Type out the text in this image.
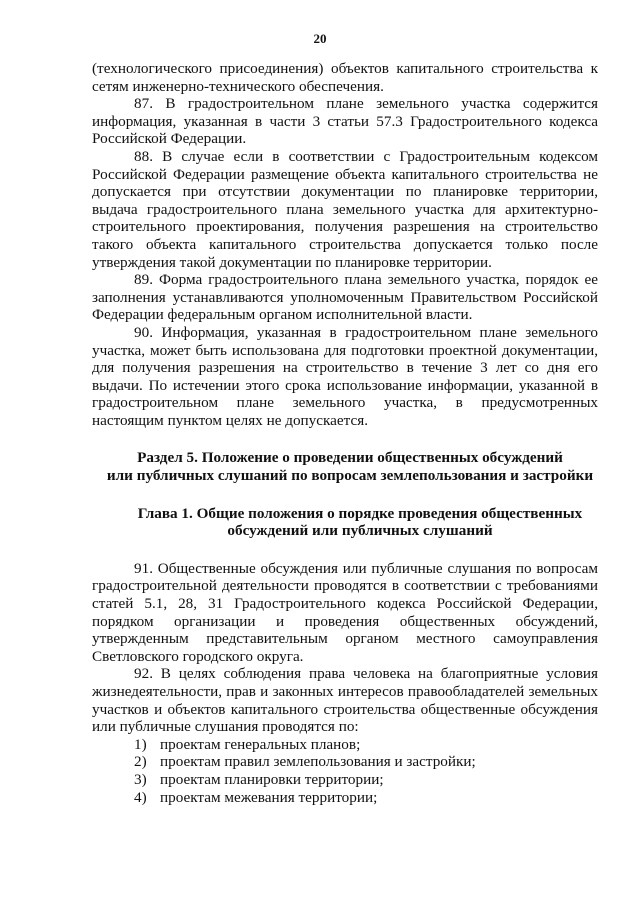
20

(технологического присоединения) объектов капитального строительства к сетям инженерно-технического обеспечения.

87. В градостроительном плане земельного участка содержится информация, указанная в части 3 статьи 57.3 Градостроительного кодекса Российской Федерации.

88. В случае если в соответствии с Градостроительным кодексом Российской Федерации размещение объекта капитального строительства не допускается при отсутствии документации по планировке территории, выдача градостроительного плана земельного участка для архитектурно-строительного проектирования, получения разрешения на строительство такого объекта капитального строительства допускается только после утверждения такой документации по планировке территории.

89. Форма градостроительного плана земельного участка, порядок ее заполнения устанавливаются уполномоченным Правительством Российской Федерации федеральным органом исполнительной власти.

90. Информация, указанная в градостроительном плане земельного участка, может быть использована для подготовки проектной документации, для получения разрешения на строительство в течение 3 лет со дня его выдачи. По истечении этого срока использование информации, указанной в градостроительном плане земельного участка, в предусмотренных настоящим пунктом целях не допускается.

Раздел 5. Положение о проведении общественных обсуждений
или публичных слушаний по вопросам землепользования и застройки
Глава 1. Общие положения о порядке проведения общественных
обсуждений или публичных слушаний

91. Общественные обсуждения или публичные слушания по вопросам градостроительной деятельности проводятся в соответствии с требованиями статей 5.1, 28, 31 Градостроительного кодекса Российской Федерации, порядком организации и проведения общественных обсуждений, утвержденным представительным органом местного самоуправления Светловского городского округа.

92. В целях соблюдения права человека на благоприятные условия жизнедеятельности, прав и законных интересов правообладателей земельных участков и объектов капитального строительства общественные обсуждения или публичные слушания проводятся по:

1) проектам генеральных планов;
2) проектам правил землепользования и застройки;
3) проектам планировки территории;
4) проектам межевания территории;
